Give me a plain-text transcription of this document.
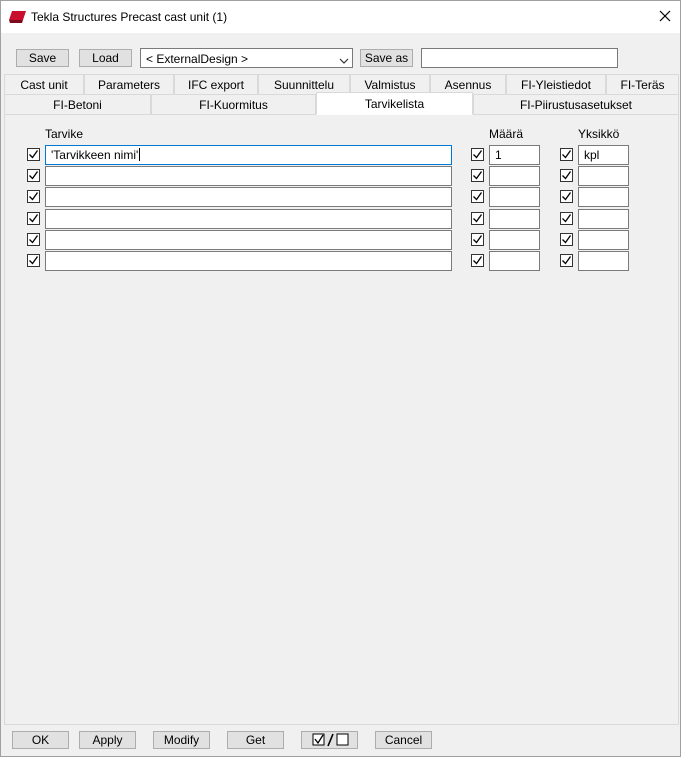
Tekla Structures Precast cast unit (1)
Save	Load	< ExternalDesign >	Save as
Cast unit	Parameters	IFC export	Suunnittelu	Valmistus	Asennus	FI-Yleistiedot	FI-Teräs
FI-Betoni	FI-Kuormitus	Tarvikelista	FI-Piirustusasetukset
Tarvike	Määrä	Yksikkö
'Tarvikkeen nimi'	1	kpl
OK	Apply	Modify	Get	Cancel
